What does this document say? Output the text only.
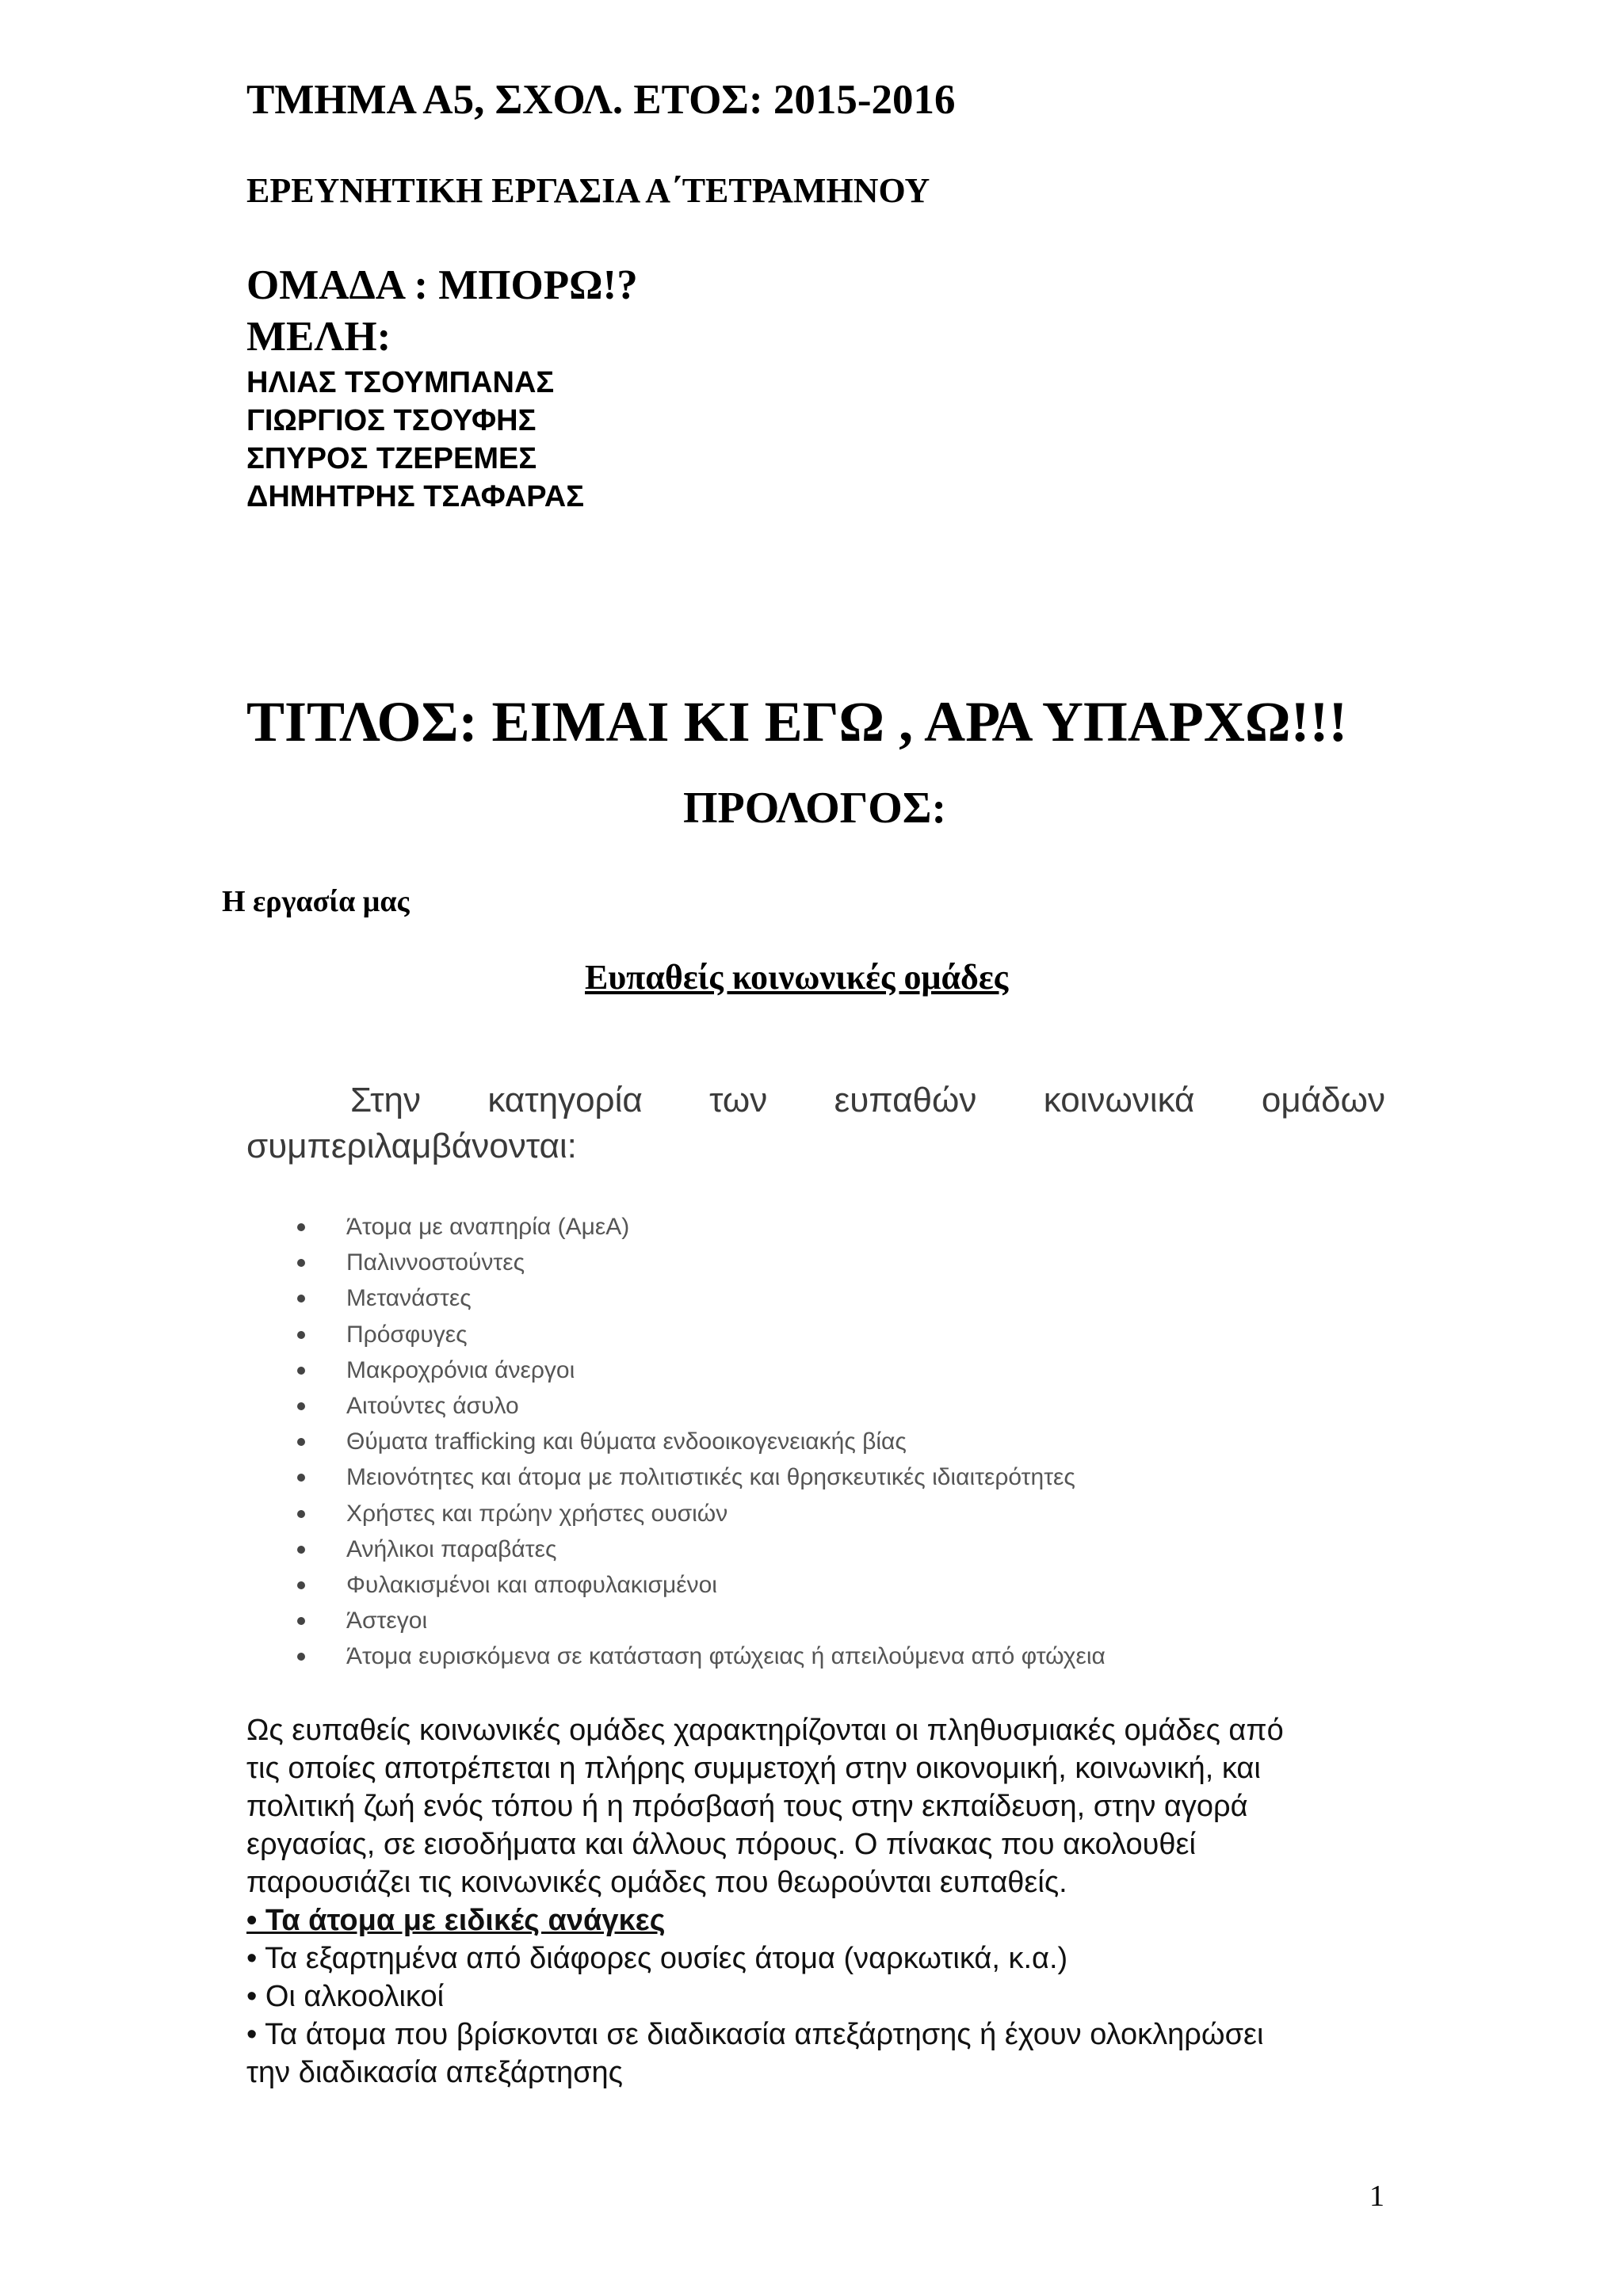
ΤΜΗΜΑ Α5, ΣΧΟΛ. ΕΤΟΣ: 2015-2016
ΕΡΕΥΝΗΤΙΚΗ ΕΡΓΑΣΙΑ Α΄ΤΕΤΡΑΜΗΝΟΥ
ΟΜΑΔΑ : ΜΠΟΡΩ!?
ΜΕΛΗ:
ΗΛΙΑΣ ΤΣΟΥΜΠΑΝΑΣ
ΓΙΩΡΓΙΟΣ ΤΣΟΥΦΗΣ
ΣΠΥΡΟΣ ΤΖΕΡΕΜΕΣ
ΔΗΜΗΤΡΗΣ ΤΣΑΦΑΡΑΣ
ΤΙΤΛΟΣ: ΕΙΜΑΙ ΚΙ ΕΓΩ , ΑΡΑ ΥΠΑΡΧΩ!!!
ΠΡΟΛΟΓΟΣ:
Η εργασία μας
Ευπαθείς κοινωνικές ομάδες
Στην κατηγορία των ευπαθών κοινωνικά ομάδων
συμπεριλαμβάνονται:
Άτομα με αναπηρία (ΑμεΑ)
Παλιννοστούντες
Μετανάστες
Πρόσφυγες
Μακροχρόνια άνεργοι
Αιτούντες άσυλο
Θύματα trafficking και θύματα ενδοοικογενειακής βίας
Μειονότητες και άτομα με πολιτιστικές και θρησκευτικές ιδιαιτερότητες
Χρήστες και πρώην χρήστες ουσιών
Ανήλικοι παραβάτες
Φυλακισμένοι και αποφυλακισμένοι
Άστεγοι
Άτομα ευρισκόμενα σε κατάσταση φτώχειας ή απειλούμενα από φτώχεια
Ως ευπαθείς κοινωνικές ομάδες χαρακτηρίζονται οι πληθυσμιακές ομάδες από
τις οποίες αποτρέπεται η πλήρης συμμετοχή στην οικονομική, κοινωνική, και
πολιτική ζωή ενός τόπου ή η πρόσβασή τους στην εκπαίδευση, στην αγορά
εργασίας, σε εισοδήματα και άλλους πόρους. Ο πίνακας που ακολουθεί
παρουσιάζει τις κοινωνικές ομάδες που θεωρούνται ευπαθείς.
• Τα άτομα με ειδικές ανάγκες
• Τα εξαρτημένα από διάφορες ουσίες άτομα (ναρκωτικά, κ.α.)
• Οι αλκοολικοί
• Τα άτομα που βρίσκονται σε διαδικασία απεξάρτησης ή έχουν ολοκληρώσει
την διαδικασία απεξάρτησης
1
